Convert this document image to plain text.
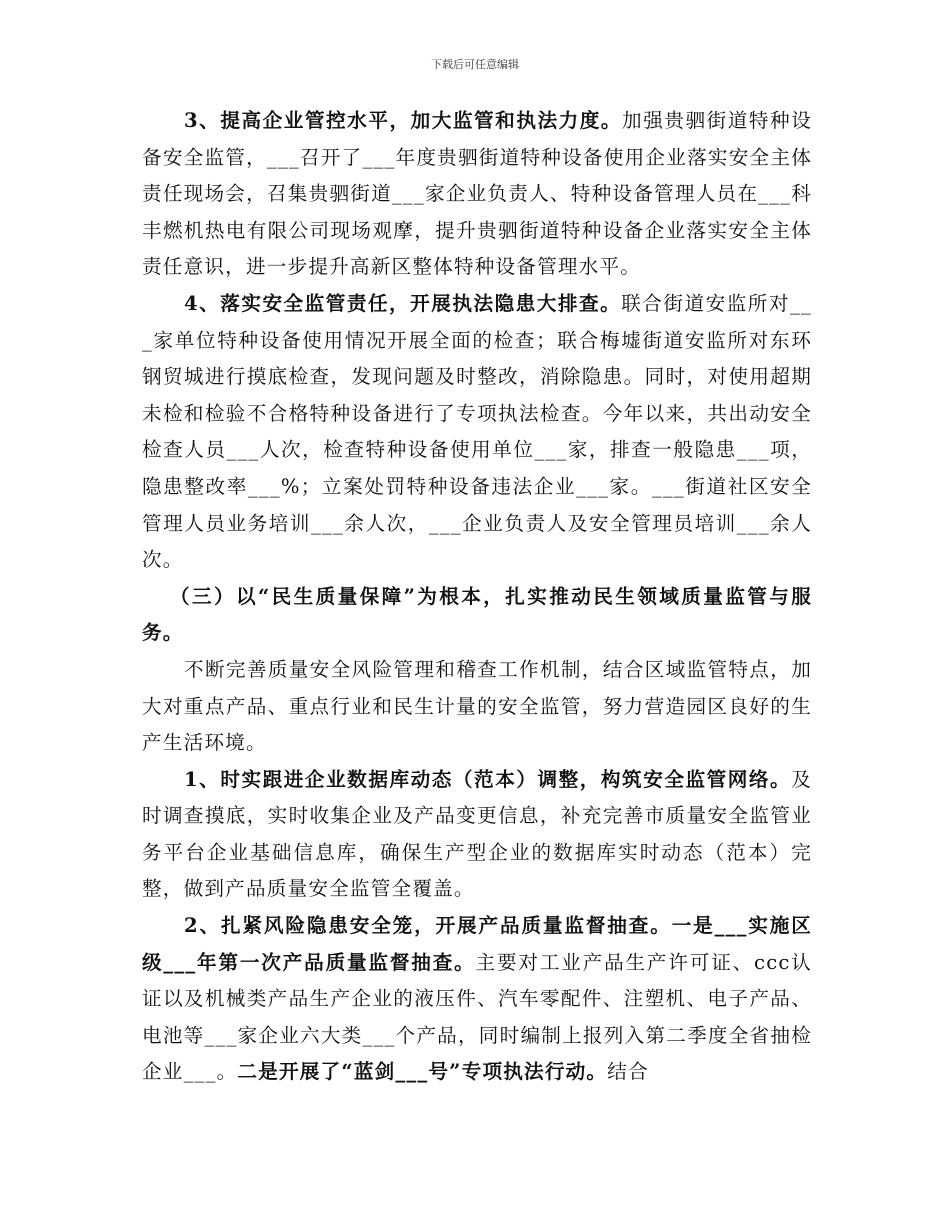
下载后可任意编辑

3、提高企业管控水平，加大监管和执法力度。加强贵驷街道特种设备安全监管，___召开了___年度贵驷街道特种设备使用企业落实安全主体责任现场会，召集贵驷街道___家企业负责人、特种设备管理人员在___科丰燃机热电有限公司现场观摩，提升贵驷街道特种设备企业落实安全主体责任意识，进一步提升高新区整体特种设备管理水平。

4、落实安全监管责任，开展执法隐患大排查。联合街道安监所对___家单位特种设备使用情况开展全面的检查；联合梅墟街道安监所对东环钢贸城进行摸底检查，发现问题及时整改，消除隐患。同时，对使用超期未检和检验不合格特种设备进行了专项执法检查。今年以来，共出动安全检查人员___人次，检查特种设备使用单位___家，排查一般隐患___项，隐患整改率___%；立案处罚特种设备违法企业___家。___街道社区安全管理人员业务培训___余人次，___企业负责人及安全管理员培训___余人次。

（三）以“民生质量保障”为根本，扎实推动民生领域质量监管与服务。

不断完善质量安全风险管理和稽查工作机制，结合区域监管特点，加大对重点产品、重点行业和民生计量的安全监管，努力营造园区良好的生产生活环境。

1、时实跟进企业数据库动态（范本）调整，构筑安全监管网络。及时调查摸底，实时收集企业及产品变更信息，补充完善市质量安全监管业务平台企业基础信息库，确保生产型企业的数据库实时动态（范本）完整，做到产品质量安全监管全覆盖。

2、扎紧风险隐患安全笼，开展产品质量监督抽查。一是___实施区级___年第一次产品质量监督抽查。主要对工业产品生产许可证、ccc认证以及机械类产品生产企业的液压件、汽车零配件、注塑机、电子产品、电池等___家企业六大类___个产品，同时编制上报列入第二季度全省抽检企业___。二是开展了“蓝剑___号”专项执法行动。结合
